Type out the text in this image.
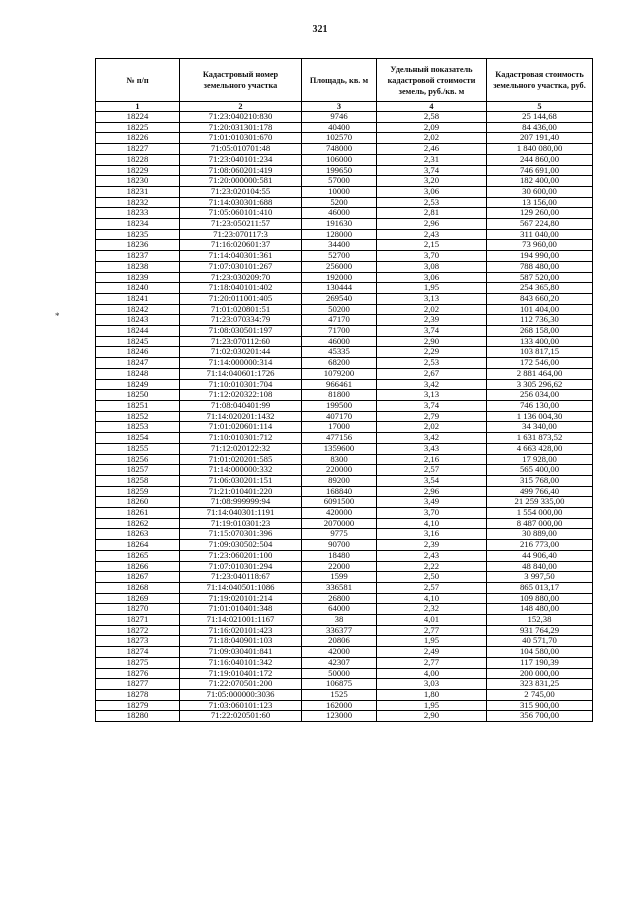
321
*
№ п/п	Кадастровый номер земельного участка	Площадь, кв. м	Удельный показатель кадастровой стоимости земель, руб./кв. м	Кадастровая стоимость земельного участка, руб.
1	2	3	4	5
18224	71:23:040210:830	9746	2,58	25 144,68
18225	71:20:031301:178	40400	2,09	84 436,00
18226	71:01:010301:670	102570	2,02	207 191,40
18227	71:05:010701:48	748000	2,46	1 840 080,00
18228	71:23:040101:234	106000	2,31	244 860,00
18229	71:08:060201:419	199650	3,74	746 691,00
18230	71:20:000000:581	57000	3,20	182 400,00
18231	71:23:020104:55	10000	3,06	30 600,00
18232	71:14:030301:688	5200	2,53	13 156,00
18233	71:05:060101:410	46000	2,81	129 260,00
18234	71:23:050211:57	191630	2,96	567 224,80
18235	71:23:070117:3	128000	2,43	311 040,00
18236	71:16:020601:37	34400	2,15	73 960,00
18237	71:14:040301:361	52700	3,70	194 990,00
18238	71:07:030101:267	256000	3,08	788 480,00
18239	71:23:030209:70	192000	3,06	587 520,00
18240	71:18:040101:402	130444	1,95	254 365,80
18241	71:20:011001:405	269540	3,13	843 660,20
18242	71:01:020801:51	50200	2,02	101 404,00
18243	71:23:070334:79	47170	2,39	112 736,30
18244	71:08:030501:197	71700	3,74	268 158,00
18245	71:23:070112:60	46000	2,90	133 400,00
18246	71:02:030201:44	45335	2,29	103 817,15
18247	71:14:000000:314	68200	2,53	172 546,00
18248	71:14:040601:1726	1079200	2,67	2 881 464,00
18249	71:10:010301:704	966461	3,42	3 305 296,62
18250	71:12:020322:108	81800	3,13	256 034,00
18251	71:08:040401:99	199500	3,74	746 130,00
18252	71:14:020201:1432	407170	2,79	1 136 004,30
18253	71:01:020601:114	17000	2,02	34 340,00
18254	71:10:010301:712	477156	3,42	1 631 873,52
18255	71:12:020122:32	1359600	3,43	4 663 428,00
18256	71:01:020201:585	8300	2,16	17 928,00
18257	71:14:000000:332	220000	2,57	565 400,00
18258	71:06:030201:151	89200	3,54	315 768,00
18259	71:21:010401:220	168840	2,96	499 766,40
18260	71:08:999999:94	6091500	3,49	21 259 335,00
18261	71:14:040301:1191	420000	3,70	1 554 000,00
18262	71:19:010301:23	2070000	4,10	8 487 000,00
18263	71:15:070301:396	9775	3,16	30 889,00
18264	71:09:030502:504	90700	2,39	216 773,00
18265	71:23:060201:100	18480	2,43	44 906,40
18266	71:07:010301:294	22000	2,22	48 840,00
18267	71:23:040118:67	1599	2,50	3 997,50
18268	71:14:040501:1086	336581	2,57	865 013,17
18269	71:19:020101:214	26800	4,10	109 880,00
18270	71:01:010401:348	64000	2,32	148 480,00
18271	71:14:021001:1167	38	4,01	152,38
18272	71:16:020101:423	336377	2,77	931 764,29
18273	71:18:040901:103	20806	1,95	40 571,70
18274	71:09:030401:841	42000	2,49	104 580,00
18275	71:16:040101:342	42307	2,77	117 190,39
18276	71:19:010401:172	50000	4,00	200 000,00
18277	71:22:070501:200	106875	3,03	323 831,25
18278	71:05:000000:3036	1525	1,80	2 745,00
18279	71:03:060101:123	162000	1,95	315 900,00
18280	71:22:020501:60	123000	2,90	356 700,00
